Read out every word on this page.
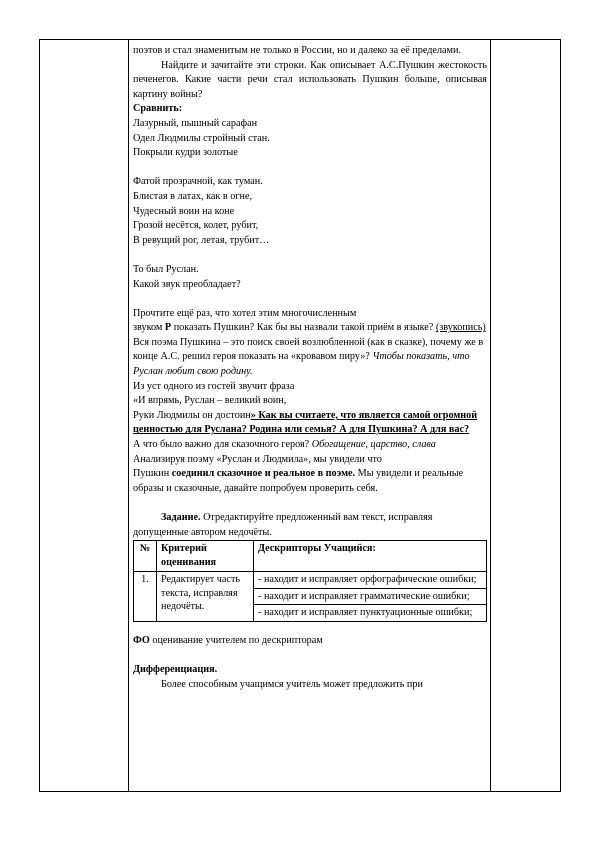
поэтов и стал знаменитым не только в России, но и далеко за её пределами.

Найдите и зачитайте эти строки. Как описывает А.С.Пушкин жестокость печенегов. Какие части речи стал использовать Пушкин больше, описывая картину войны?

Сравнить:

Лазурный, пышный сарафан

Одел Людмилы стройный стан.

Покрыли кудри золотые

Фатой прозрачной, как туман.

Блистая в латах, как в огне,

Чудесный воин на коне

Грозой несётся, колет, рубит,

В ревущий рог, летая, трубит…

То был Руслан.

Какой звук преобладает?

Прочтите ещё раз, что хотел этим многочисленным

звуком Р показать Пушкин? Как бы вы назвали такой приём в языке? (звукопись)

Вся поэма Пушкина – это поиск своей возлюбленной (как в сказке), почему же в конце А.С. решил героя показать на «кровавом пиру»? Чтобы показать, что Руслан любит свою родину.

Из уст одного из гостей звучит фраза

«И впрямь, Руслан – великий воин,

Руки Людмилы он достоин» Как вы считаете, что является самой огромной ценностью для Руслана? Родина или семья? А для Пушкина? А для вас?

А что было важно для сказочного героя? Обогащение, царство, слава

Анализируя поэму «Руслан и Людмила», мы увидели что

Пушкин соединил сказочное и реальное в поэме. Мы увидели и реальные образы и сказочные, давайте попробуем проверить себя.

Задание. Отредактируйте предложенный вам текст, исправляя допущенные автором недочёты.

№	Критерий оценивания	Дескрипторы Учащийся:
1.	Редактирует часть текста, исправляя недочёты.	- находит и исправляет орфографические ошибки;
		- находит и исправляет грамматические ошибки;
		- находит и исправляет пунктуационные ошибки;

ФО оценивание учителем по дескрипторам

Дифференциация.

Более способным учащимся учитель может предложить при
